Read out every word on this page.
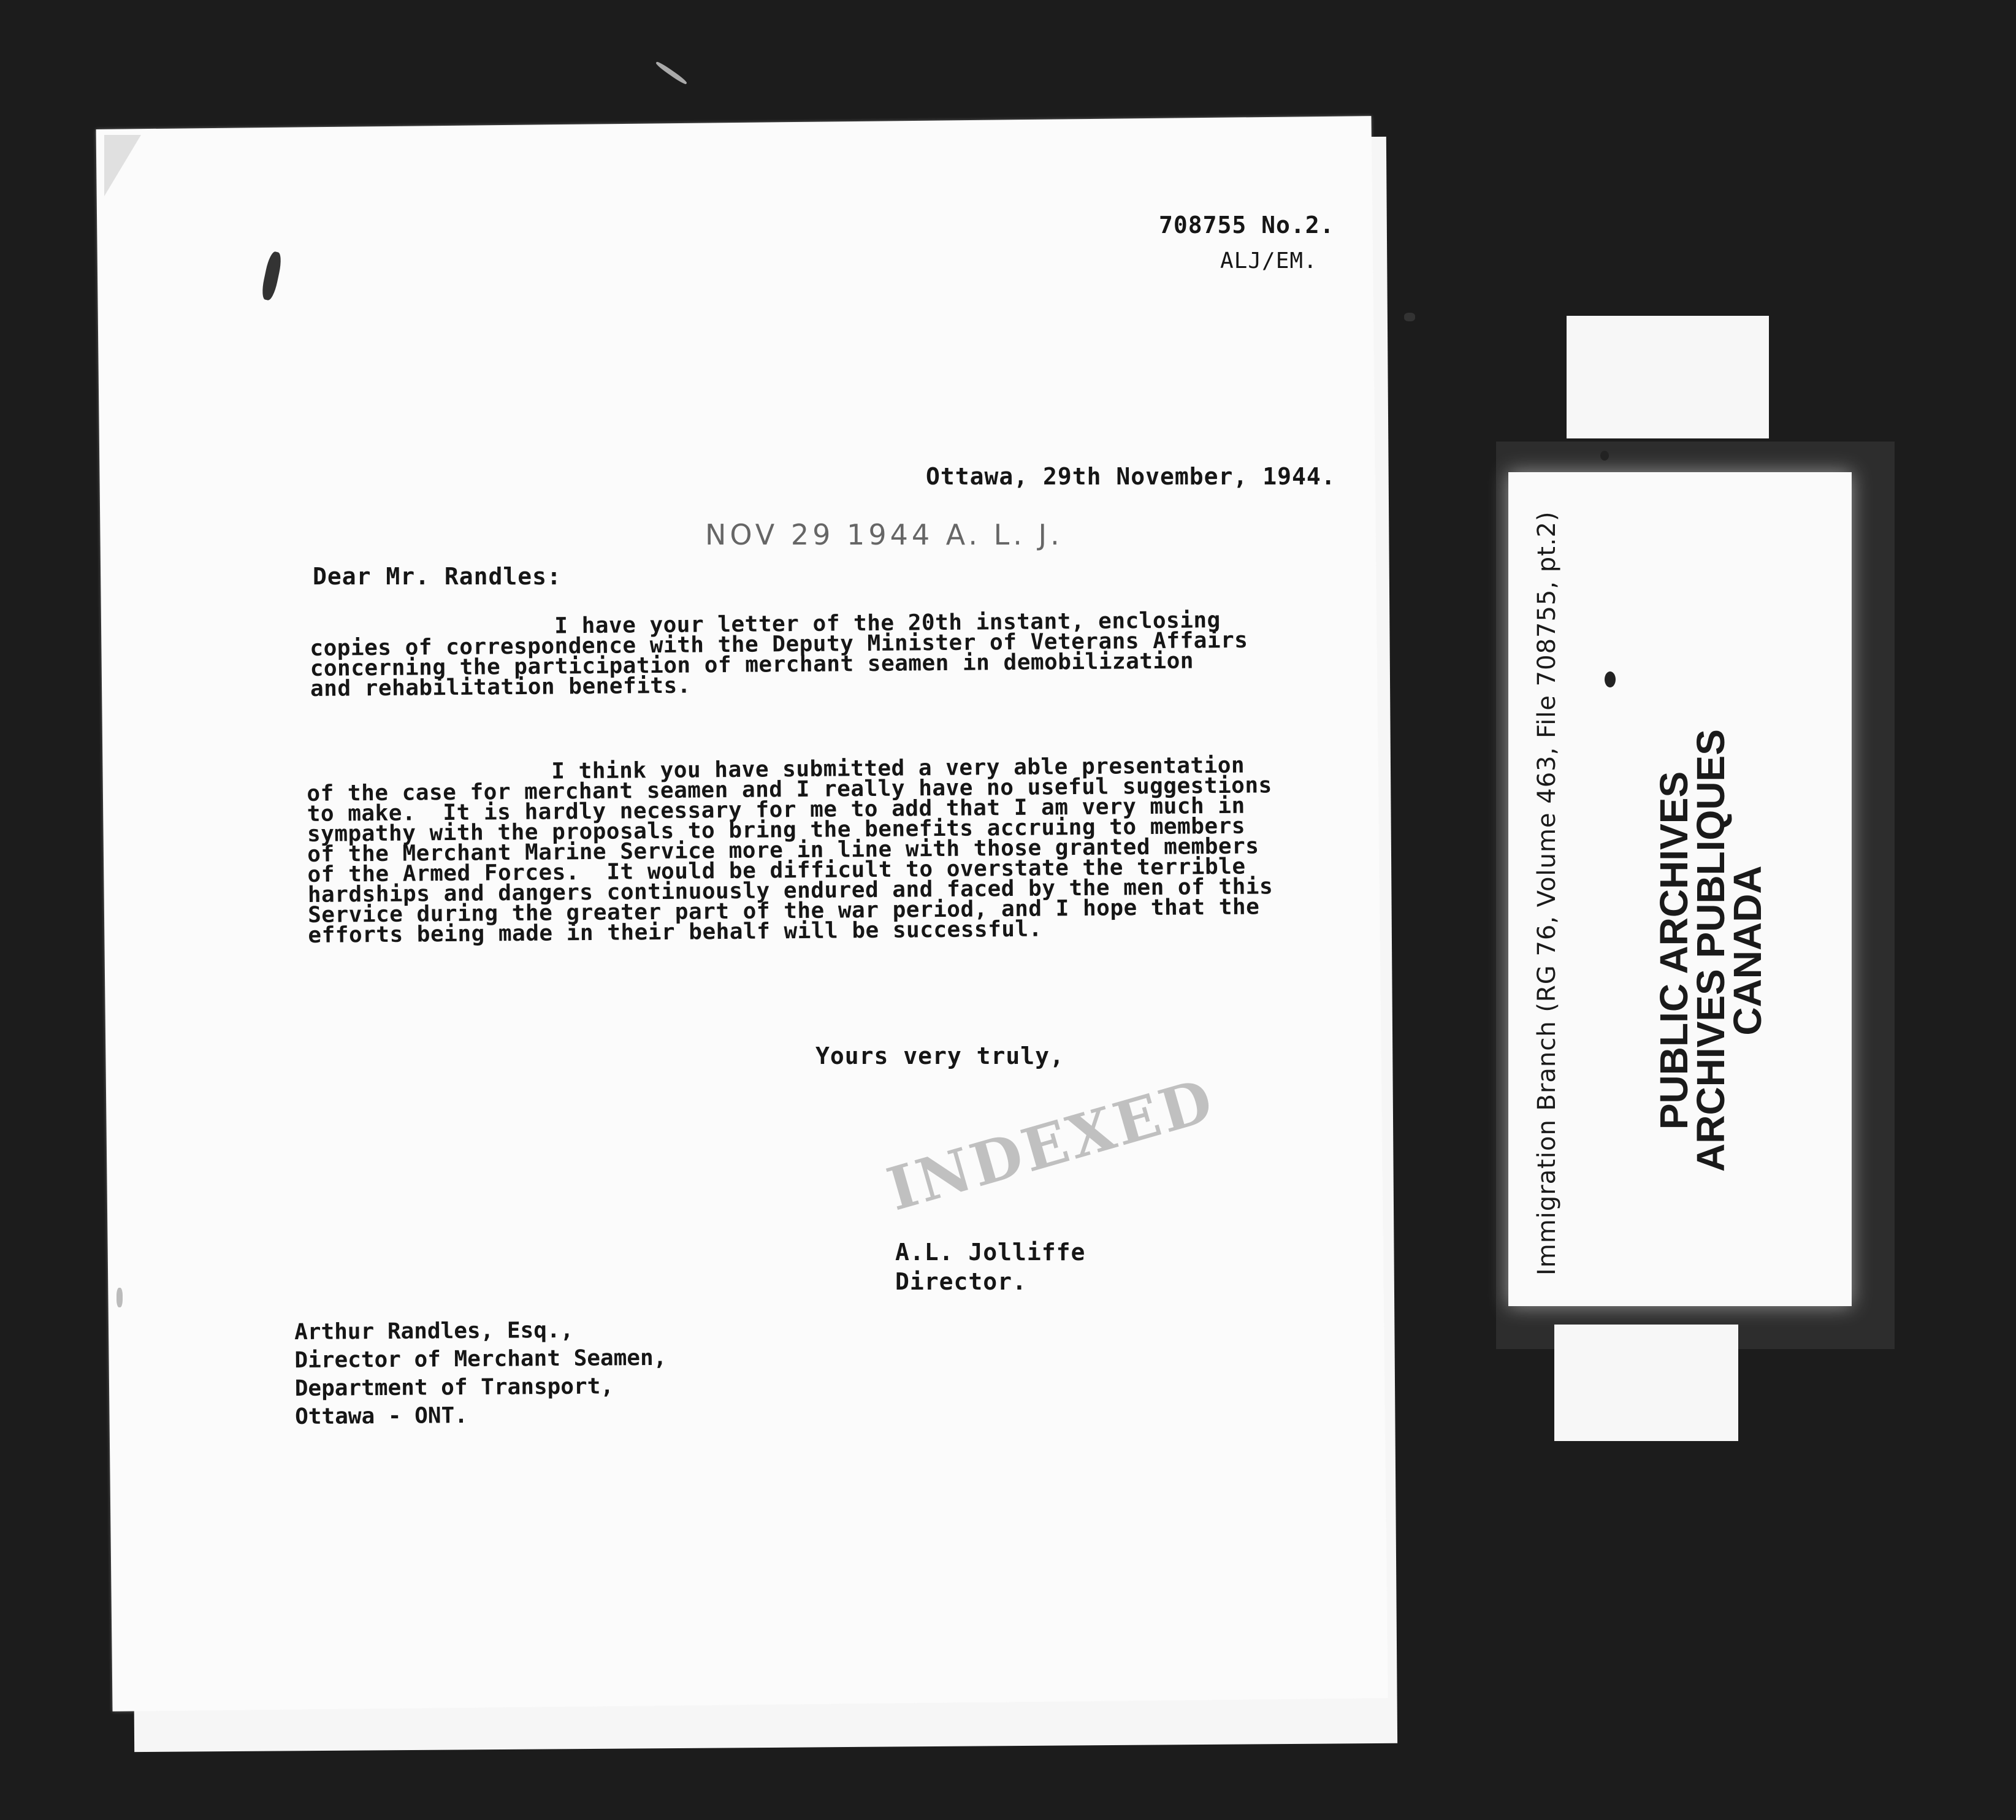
708755 No.2.
ALJ/EM.
Ottawa, 29th November, 1944.
NOV 29 1944 A. L. J.
Dear Mr. Randles:
I have your letter of the 20th instant, enclosing
copies of correspondence with the Deputy Minister of Veterans Affairs
concerning the participation of merchant seamen in demobilization
and rehabilitation benefits.
I think you have submitted a very able presentation
of the case for merchant seamen and I really have no useful suggestions
to make.  It is hardly necessary for me to add that I am very much in
sympathy with the proposals to bring the benefits accruing to members
of the Merchant Marine Service more in line with those granted members
of the Armed Forces.  It would be difficult to overstate the terrible
hardships and dangers continuously endured and faced by the men of this
Service during the greater part of the war period, and I hope that the
efforts being made in their behalf will be successful.
Yours very truly,
INDEXED
A.L. Jolliffe
Director.
Arthur Randles, Esq.,
Director of Merchant Seamen,
Department of Transport,
Ottawa - ONT.
Immigration Branch (RG 76, Volume 463, File 708755, pt.2) PUBLIC ARCHIVES
ARCHIVES PUBLIQUES
CANADA
